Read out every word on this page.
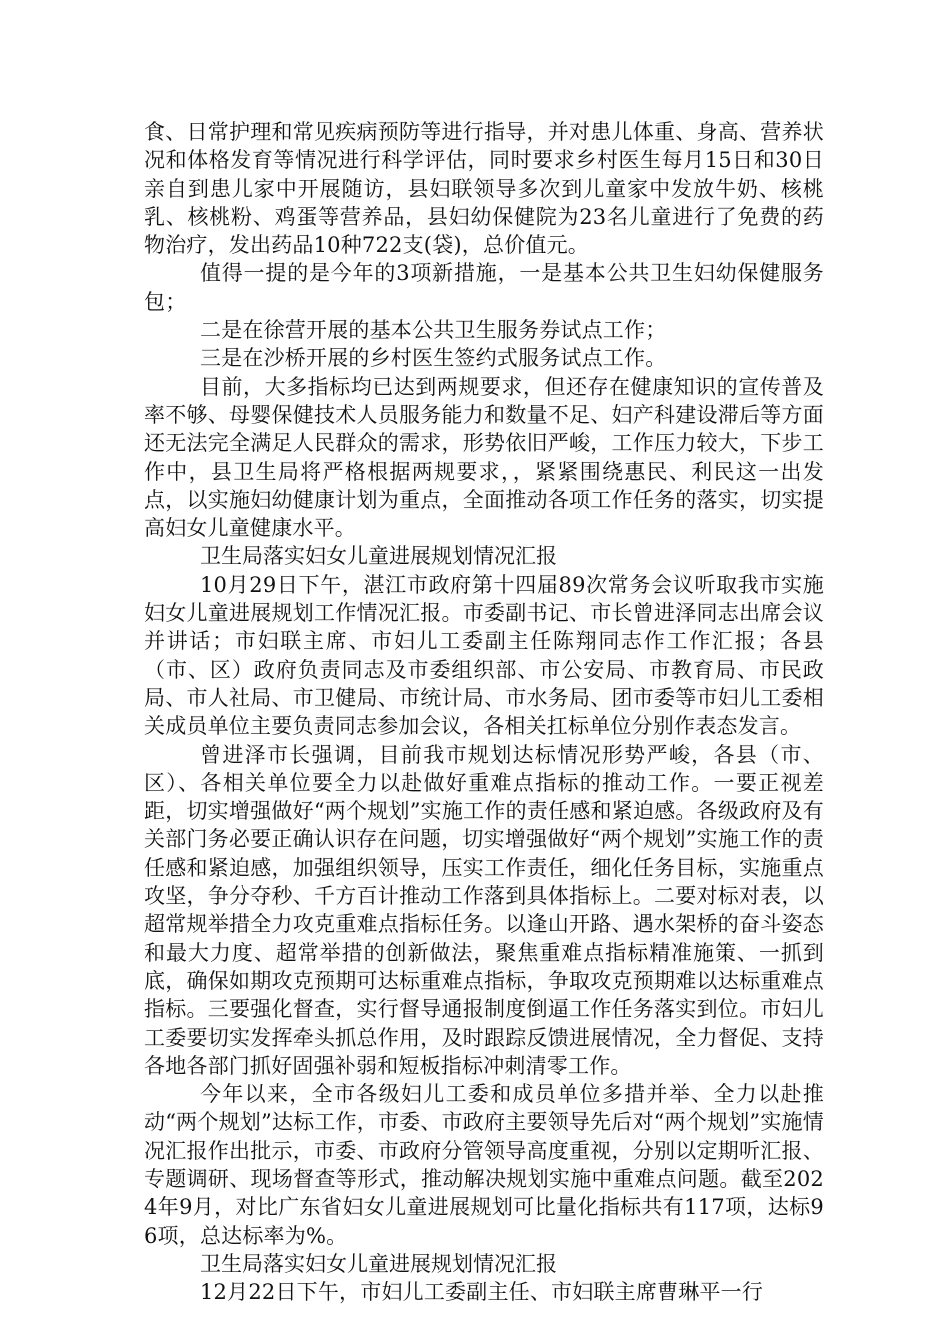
食、日常护理和常见疾病预防等进行指导，并对患儿体重、身高、营养状况和体格发育等情况进行科学评估，同时要求乡村医生每月15日和30日亲自到患儿家中开展随访，县妇联领导多次到儿童家中发放牛奶、核桃乳、核桃粉、鸡蛋等营养品，县妇幼保健院为23名儿童进行了免费的药物治疗，发出药品10种722支(袋)，总价值元。

值得一提的是今年的3项新措施，一是基本公共卫生妇幼保健服务包；

二是在徐营开展的基本公共卫生服务券试点工作；

三是在沙桥开展的乡村医生签约式服务试点工作。

目前，大多指标均已达到两规要求，但还存在健康知识的宣传普及率不够、母婴保健技术人员服务能力和数量不足、妇产科建设滞后等方面还无法完全满足人民群众的需求，形势依旧严峻，工作压力较大，下步工作中，县卫生局将严格根据两规要求，，紧紧围绕惠民、利民这一出发点，以实施妇幼健康计划为重点，全面推动各项工作任务的落实，切实提高妇女儿童健康水平。

卫生局落实妇女儿童进展规划情况汇报

10月29日下午，湛江市政府第十四届89次常务会议听取我市实施妇女儿童进展规划工作情况汇报。市委副书记、市长曾进泽同志出席会议并讲话；市妇联主席、市妇儿工委副主任陈翔同志作工作汇报；各县（市、区）政府负责同志及市委组织部、市公安局、市教育局、市民政局、市人社局、市卫健局、市统计局、市水务局、团市委等市妇儿工委相关成员单位主要负责同志参加会议，各相关扛标单位分别作表态发言。

曾进泽市长强调，目前我市规划达标情况形势严峻，各县（市、区）、各相关单位要全力以赴做好重难点指标的推动工作。一要正视差距，切实增强做好“两个规划”实施工作的责任感和紧迫感。各级政府及有关部门务必要正确认识存在问题，切实增强做好“两个规划”实施工作的责任感和紧迫感，加强组织领导，压实工作责任，细化任务目标，实施重点攻坚，争分夺秒、千方百计推动工作落到具体指标上。二要对标对表，以超常规举措全力攻克重难点指标任务。以逢山开路、遇水架桥的奋斗姿态和最大力度、超常举措的创新做法，聚焦重难点指标精准施策、一抓到底，确保如期攻克预期可达标重难点指标，争取攻克预期难以达标重难点指标。三要强化督查，实行督导通报制度倒逼工作任务落实到位。市妇儿工委要切实发挥牵头抓总作用，及时跟踪反馈进展情况，全力督促、支持各地各部门抓好固强补弱和短板指标冲刺清零工作。

今年以来，全市各级妇儿工委和成员单位多措并举、全力以赴推动“两个规划”达标工作，市委、市政府主要领导先后对“两个规划”实施情况汇报作出批示，市委、市政府分管领导高度重视，分别以定期听汇报、专题调研、现场督查等形式，推动解决规划实施中重难点问题。截至2024年9月，对比广东省妇女儿童进展规划可比量化指标共有117项，达标96项，总达标率为%。

卫生局落实妇女儿童进展规划情况汇报

12月22日下午，市妇儿工委副主任、市妇联主席曹琳平一行
